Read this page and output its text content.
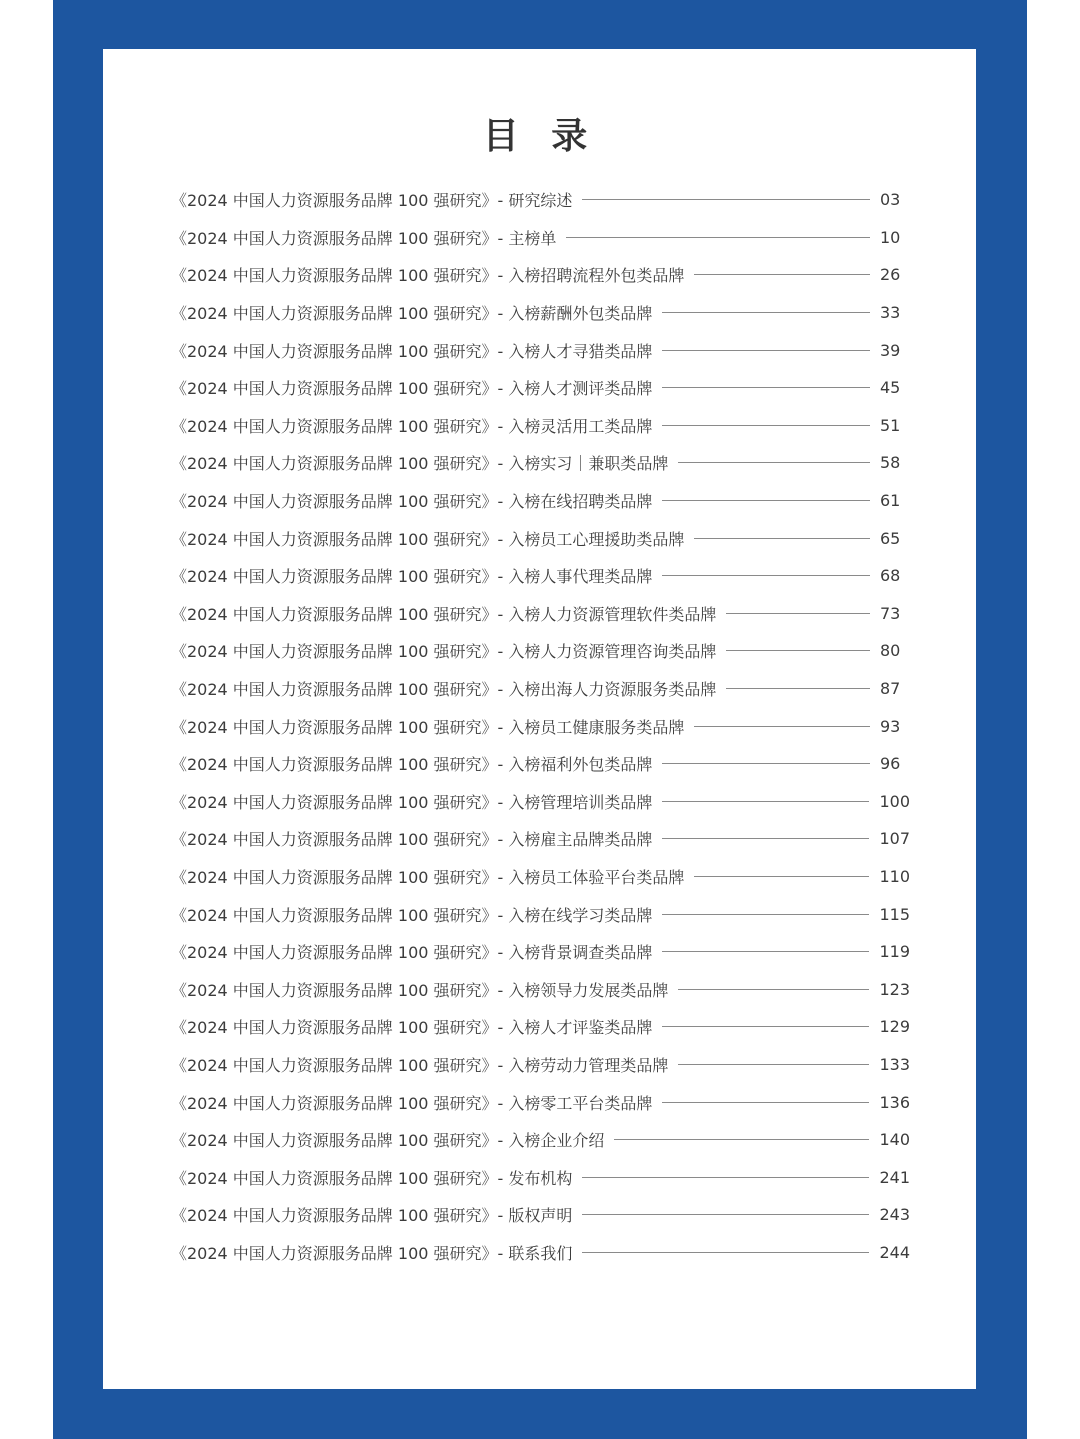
目 录
《2024 中国人力资源服务品牌 100 强研究》- 研究综述	03
《2024 中国人力资源服务品牌 100 强研究》- 主榜单	10
《2024 中国人力资源服务品牌 100 强研究》- 入榜招聘流程外包类品牌	26
《2024 中国人力资源服务品牌 100 强研究》- 入榜薪酬外包类品牌	33
《2024 中国人力资源服务品牌 100 强研究》- 入榜人才寻猎类品牌	39
《2024 中国人力资源服务品牌 100 强研究》- 入榜人才测评类品牌	45
《2024 中国人力资源服务品牌 100 强研究》- 入榜灵活用工类品牌	51
《2024 中国人力资源服务品牌 100 强研究》- 入榜实习｜兼职类品牌	58
《2024 中国人力资源服务品牌 100 强研究》- 入榜在线招聘类品牌	61
《2024 中国人力资源服务品牌 100 强研究》- 入榜员工心理援助类品牌	65
《2024 中国人力资源服务品牌 100 强研究》- 入榜人事代理类品牌	68
《2024 中国人力资源服务品牌 100 强研究》- 入榜人力资源管理软件类品牌	73
《2024 中国人力资源服务品牌 100 强研究》- 入榜人力资源管理咨询类品牌	80
《2024 中国人力资源服务品牌 100 强研究》- 入榜出海人力资源服务类品牌	87
《2024 中国人力资源服务品牌 100 强研究》- 入榜员工健康服务类品牌	93
《2024 中国人力资源服务品牌 100 强研究》- 入榜福利外包类品牌	96
《2024 中国人力资源服务品牌 100 强研究》- 入榜管理培训类品牌	100
《2024 中国人力资源服务品牌 100 强研究》- 入榜雇主品牌类品牌	107
《2024 中国人力资源服务品牌 100 强研究》- 入榜员工体验平台类品牌	110
《2024 中国人力资源服务品牌 100 强研究》- 入榜在线学习类品牌	115
《2024 中国人力资源服务品牌 100 强研究》- 入榜背景调查类品牌	119
《2024 中国人力资源服务品牌 100 强研究》- 入榜领导力发展类品牌	123
《2024 中国人力资源服务品牌 100 强研究》- 入榜人才评鉴类品牌	129
《2024 中国人力资源服务品牌 100 强研究》- 入榜劳动力管理类品牌	133
《2024 中国人力资源服务品牌 100 强研究》- 入榜零工平台类品牌	136
《2024 中国人力资源服务品牌 100 强研究》- 入榜企业介绍	140
《2024 中国人力资源服务品牌 100 强研究》- 发布机构	241
《2024 中国人力资源服务品牌 100 强研究》- 版权声明	243
《2024 中国人力资源服务品牌 100 强研究》- 联系我们	244
